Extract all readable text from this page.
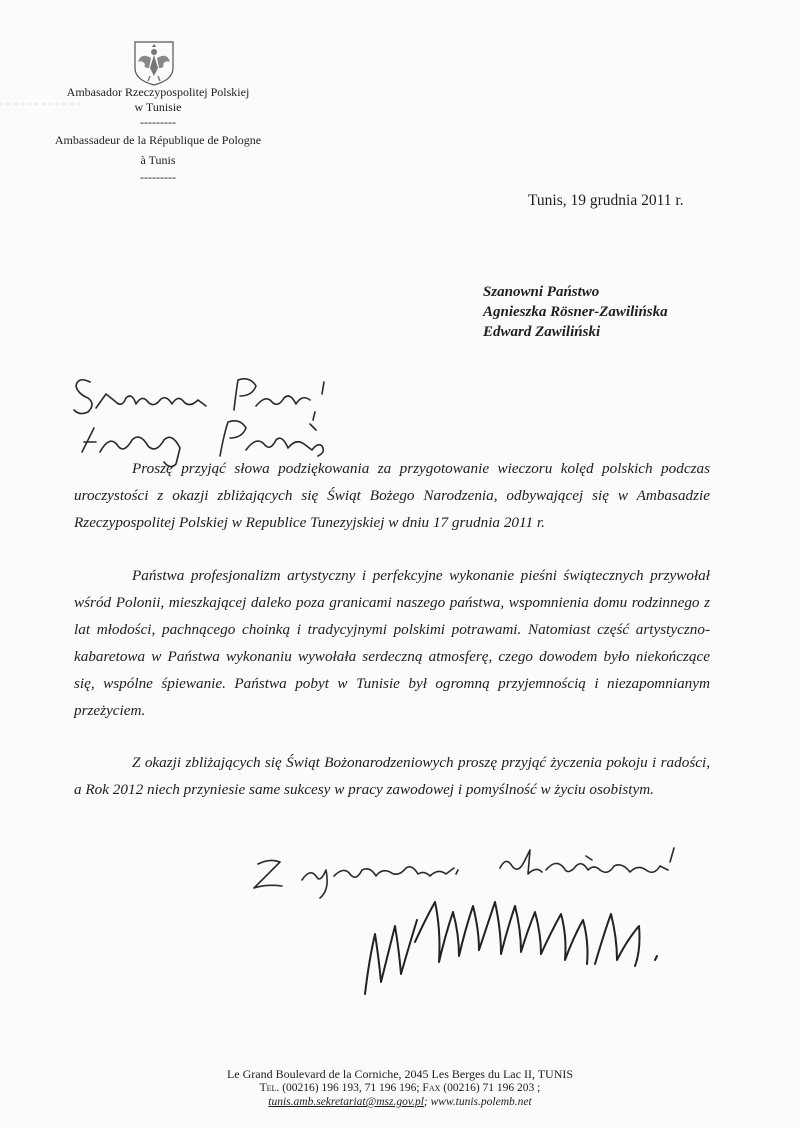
Ambasador Rzeczypospolitej Polskiej
w Tunisie
---------
Ambassadeur de la République de Pologne
à Tunis
---------
Tunis, 19 grudnia 2011 r.
Szanowni Państwo
Agnieszka Rösner-Zawilińska
Edward Zawiliński
Proszę przyjąć słowa podziękowania za przygotowanie wieczoru kolęd polskich podczas uroczystości z okazji zbliżających się Świąt Bożego Narodzenia, odbywającej się w Ambasadzie Rzeczypospolitej Polskiej w Republice Tunezyjskiej w dniu 17 grudnia 2011 r.
Państwa profesjonalizm artystyczny i perfekcyjne wykonanie pieśni świątecznych przywołał wśród Polonii, mieszkającej daleko poza granicami naszego państwa, wspomnienia domu rodzinnego z lat młodości, pachnącego choinką i tradycyjnymi polskimi potrawami. Natomiast część artystyczno-kabaretowa w Państwa wykonaniu wywołała serdeczną atmosferę, czego dowodem było niekończące się, wspólne śpiewanie. Państwa pobyt w Tunisie był ogromną przyjemnością i niezapomnianym przeżyciem.
Z okazji zbliżających się Świąt Bożonarodzeniowych proszę przyjąć życzenia pokoju i radości, a Rok 2012 niech przyniesie same sukcesy w pracy zawodowej i pomyślność w życiu osobistym.
Le Grand Boulevard de la Corniche, 2045 Les Berges du Lac II, TUNIS
Tel. (00216) 196 193, 71 196 196; Fax (00216) 71 196 203 ;
tunis.amb.sekretariat@msz.gov.pl; www.tunis.polemb.net
